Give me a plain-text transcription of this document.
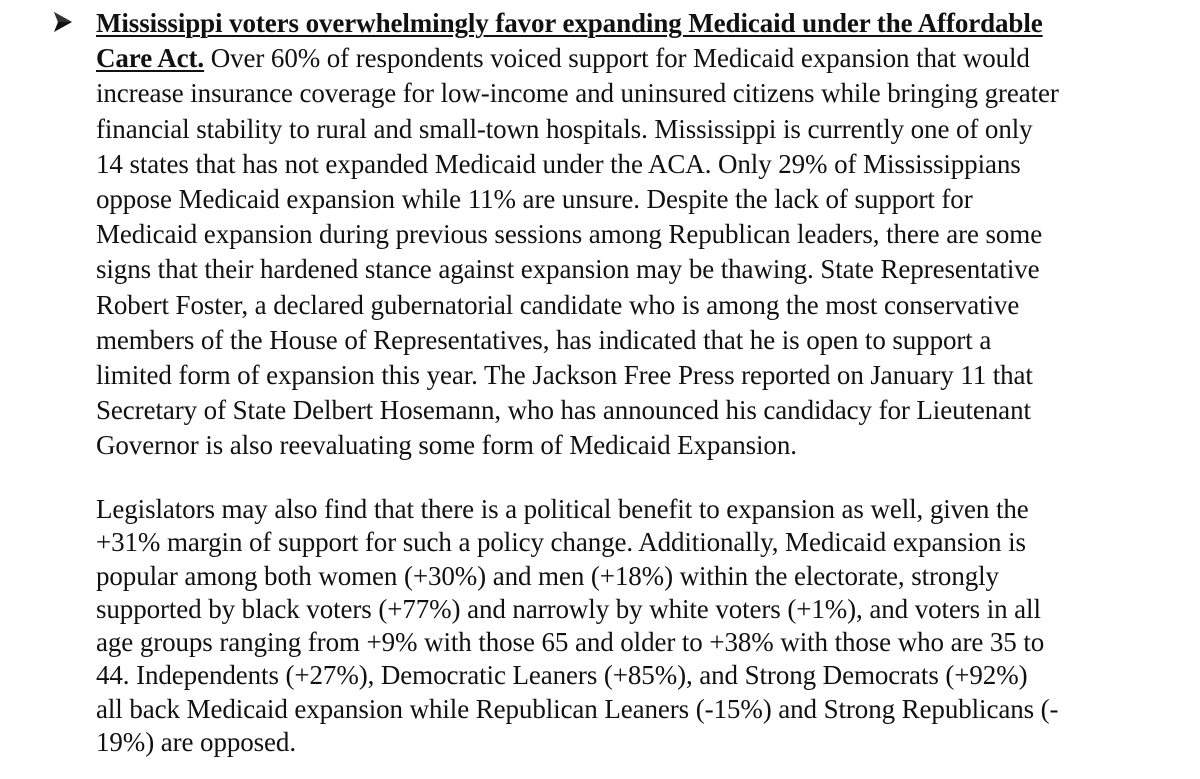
Mississippi voters overwhelmingly favor expanding Medicaid under the Affordable
Care Act. Over 60% of respondents voiced support for Medicaid expansion that would
increase insurance coverage for low-income and uninsured citizens while bringing greater
financial stability to rural and small-town hospitals. Mississippi is currently one of only
14 states that has not expanded Medicaid under the ACA. Only 29% of Mississippians
oppose Medicaid expansion while 11% are unsure. Despite the lack of support for
Medicaid expansion during previous sessions among Republican leaders, there are some
signs that their hardened stance against expansion may be thawing. State Representative
Robert Foster, a declared gubernatorial candidate who is among the most conservative
members of the House of Representatives, has indicated that he is open to support a
limited form of expansion this year. The Jackson Free Press reported on January 11 that
Secretary of State Delbert Hosemann, who has announced his candidacy for Lieutenant
Governor is also reevaluating some form of Medicaid Expansion.
Legislators may also find that there is a political benefit to expansion as well, given the
+31% margin of support for such a policy change. Additionally, Medicaid expansion is
popular among both women (+30%) and men (+18%) within the electorate, strongly
supported by black voters (+77%) and narrowly by white voters (+1%), and voters in all
age groups ranging from +9% with those 65 and older to +38% with those who are 35 to
44. Independents (+27%), Democratic Leaners (+85%), and Strong Democrats (+92%)
all back Medicaid expansion while Republican Leaners (-15%) and Strong Republicans (-
19%) are opposed.
